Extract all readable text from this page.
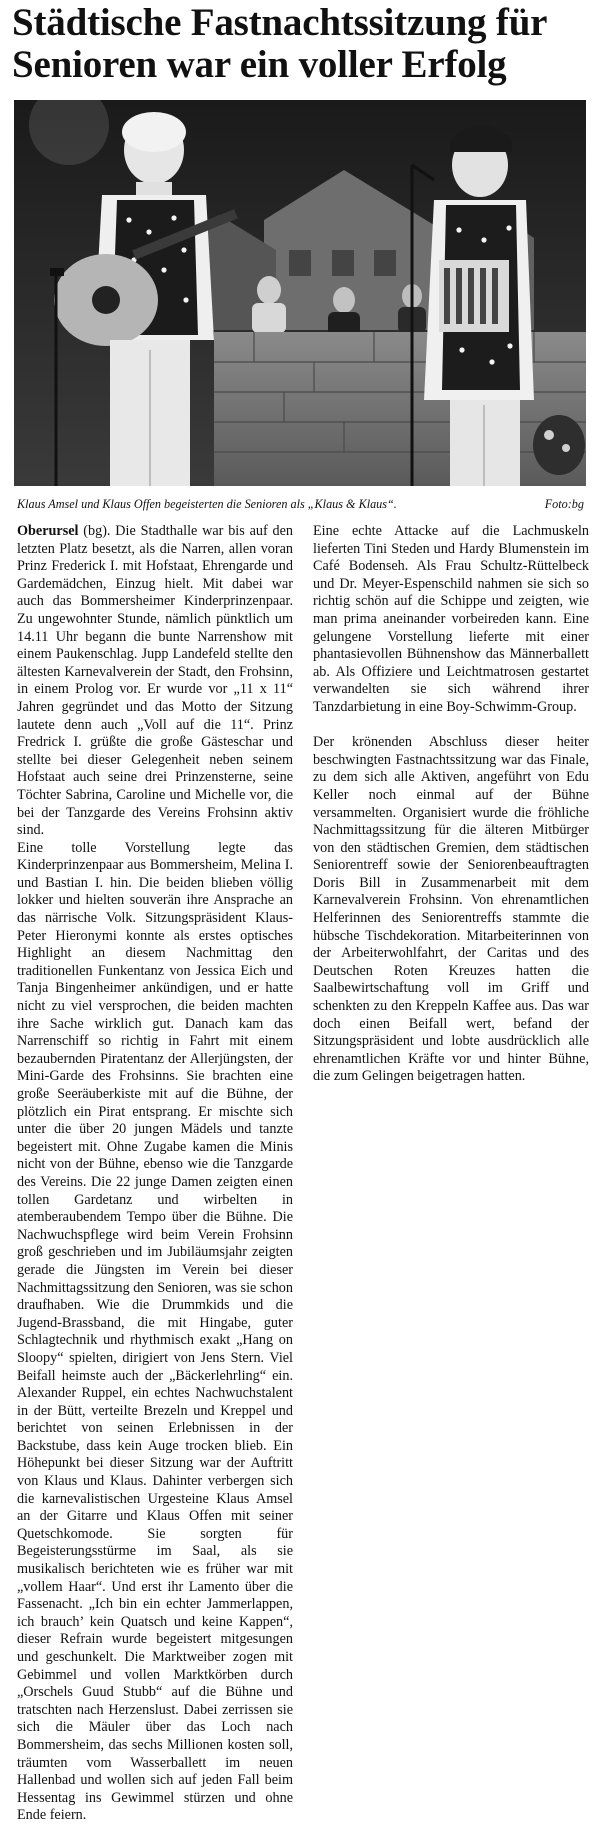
Städtische Fastnachtssitzung für
Senioren war ein voller Erfolg
Klaus Amsel und Klaus Offen begeisterten die Senioren als „Klaus & Klaus“.	Foto:bg

Oberursel (bg). Die Stadthalle war bis auf den letzten Platz besetzt, als die Narren, allen voran Prinz Frederick I. mit Hofstaat, Ehrengarde und Gardemädchen, Einzug hielt. Mit dabei war auch das Bommersheimer Kinderprinzenpaar. Zu ungewohnter Stunde, nämlich pünktlich um 14.11 Uhr begann die bunte Narrenshow mit einem Paukenschlag. Jupp Landefeld stellte den ältesten Karnevalverein der Stadt, den Frohsinn, in einem Prolog vor. Er wurde vor „11 x 11“ Jahren gegründet und das Motto der Sitzung lautete denn auch „Voll auf die 11“. Prinz Fredrick I. grüßte die große Gästeschar und stellte bei dieser Gelegenheit neben seinem Hofstaat auch seine drei Prinzensterne, seine Töchter Sabrina, Caroline und Michelle vor, die bei der Tanzgarde des Vereins Frohsinn aktiv sind.

Eine tolle Vorstellung legte das Kinderprinzenpaar aus Bommersheim, Melina I. und Bastian I. hin. Die beiden blieben völlig lokker und hielten souverän ihre Ansprache an das närrische Volk. Sitzungspräsident Klaus-Peter Hieronymi konnte als erstes optisches Highlight an diesem Nachmittag den traditionellen Funkentanz von Jessica Eich und Tanja Bingenheimer ankündigen, und er hatte nicht zu viel versprochen, die beiden machten ihre Sache wirklich gut. Danach kam das Narrenschiff so richtig in Fahrt mit einem bezaubernden Piratentanz der Allerjüngsten, der Mini-Garde des Frohsinns. Sie brachten eine große Seeräuberkiste mit auf die Bühne, der plötzlich ein Pirat entsprang. Er mischte sich unter die über 20 jungen Mädels und tanzte begeistert mit. Ohne Zugabe kamen die Minis nicht von der Bühne, ebenso wie die Tanzgarde des Vereins. Die 22 junge Damen zeigten einen tollen Gardetanz und wirbelten in atemberaubendem Tempo über die Bühne. Die Nachwuchspflege wird beim Verein Frohsinn groß geschrieben und im Jubiläumsjahr zeigten gerade die Jüngsten im Verein bei dieser Nachmittagssitzung den Senioren, was sie schon draufhaben. Wie die Drummkids und die Jugend-Brassband, die mit Hingabe, guter Schlagtechnik und rhythmisch exakt „Hang on Sloopy“ spielten, dirigiert von Jens Stern. Viel Beifall heimste auch der „Bäckerlehrling“ ein. Alexander Ruppel, ein echtes Nachwuchstalent in der Bütt, verteilte Brezeln und Kreppel und berichtet von seinen Erlebnissen in der Backstube, dass kein Auge trocken blieb. Ein Höhepunkt bei dieser Sitzung war der Auftritt von Klaus und Klaus. Dahinter verbergen sich die karnevalistischen Urgesteine Klaus Amsel an der Gitarre und Klaus Offen mit seiner Quetschkomode. Sie sorgten für Begeisterungsstürme im Saal, als sie musikalisch berichteten wie es früher war mit „vollem Haar“. Und erst ihr Lamento über die Fassenacht. „Ich bin ein echter Jammerlappen, ich brauch’ kein Quatsch und keine Kappen“, dieser Refrain wurde begeistert mitgesungen und geschunkelt. Die Marktweiber zogen mit Gebimmel und vollen Marktkörben durch „Orschels Guud Stubb“ auf die Bühne und tratschten nach Herzenslust. Dabei zerrissen sie sich die Mäuler über das Loch nach Bommersheim, das sechs Millionen kosten soll, träumten vom Wasserballett im neuen Hallenbad und wollen sich auf jeden Fall beim Hessentag ins Gewimmel stürzen und ohne Ende feiern.

Eine echte Attacke auf die Lachmuskeln lieferten Tini Steden und Hardy Blumenstein im Café Bodenseh. Als Frau Schultz-Rüttelbeck und Dr. Meyer-Espenschild nahmen sie sich so richtig schön auf die Schippe und zeigten, wie man prima aneinander vorbeireden kann. Eine gelungene Vorstellung lieferte mit einer phantasievollen Bühnenshow das Männerballett ab. Als Offiziere und Leichtmatrosen gestartet verwandelten sie sich während ihrer Tanzdarbietung in eine Boy-Schwimm-Group.

Der krönenden Abschluss dieser heiter beschwingten Fastnachtssitzung war das Finale, zu dem sich alle Aktiven, angeführt von Edu Keller noch einmal auf der Bühne versammelten. Organisiert wurde die fröhliche Nachmittagssitzung für die älteren Mitbürger von den städtischen Gremien, dem städtischen Seniorentreff sowie der Seniorenbeauftragten Doris Bill in Zusammenarbeit mit dem Karnevalverein Frohsinn. Von ehrenamtlichen Helferinnen des Seniorentreffs stammte die hübsche Tischdekoration. Mitarbeiterinnen von der Arbeiterwohlfahrt, der Caritas und des Deutschen Roten Kreuzes hatten die Saalbewirtschaftung voll im Griff und schenkten zu den Kreppeln Kaffee aus. Das war doch einen Beifall wert, befand der Sitzungspräsident und lobte ausdrücklich alle ehrenamtlichen Kräfte vor und hinter Bühne, die zum Gelingen beigetragen hatten.
